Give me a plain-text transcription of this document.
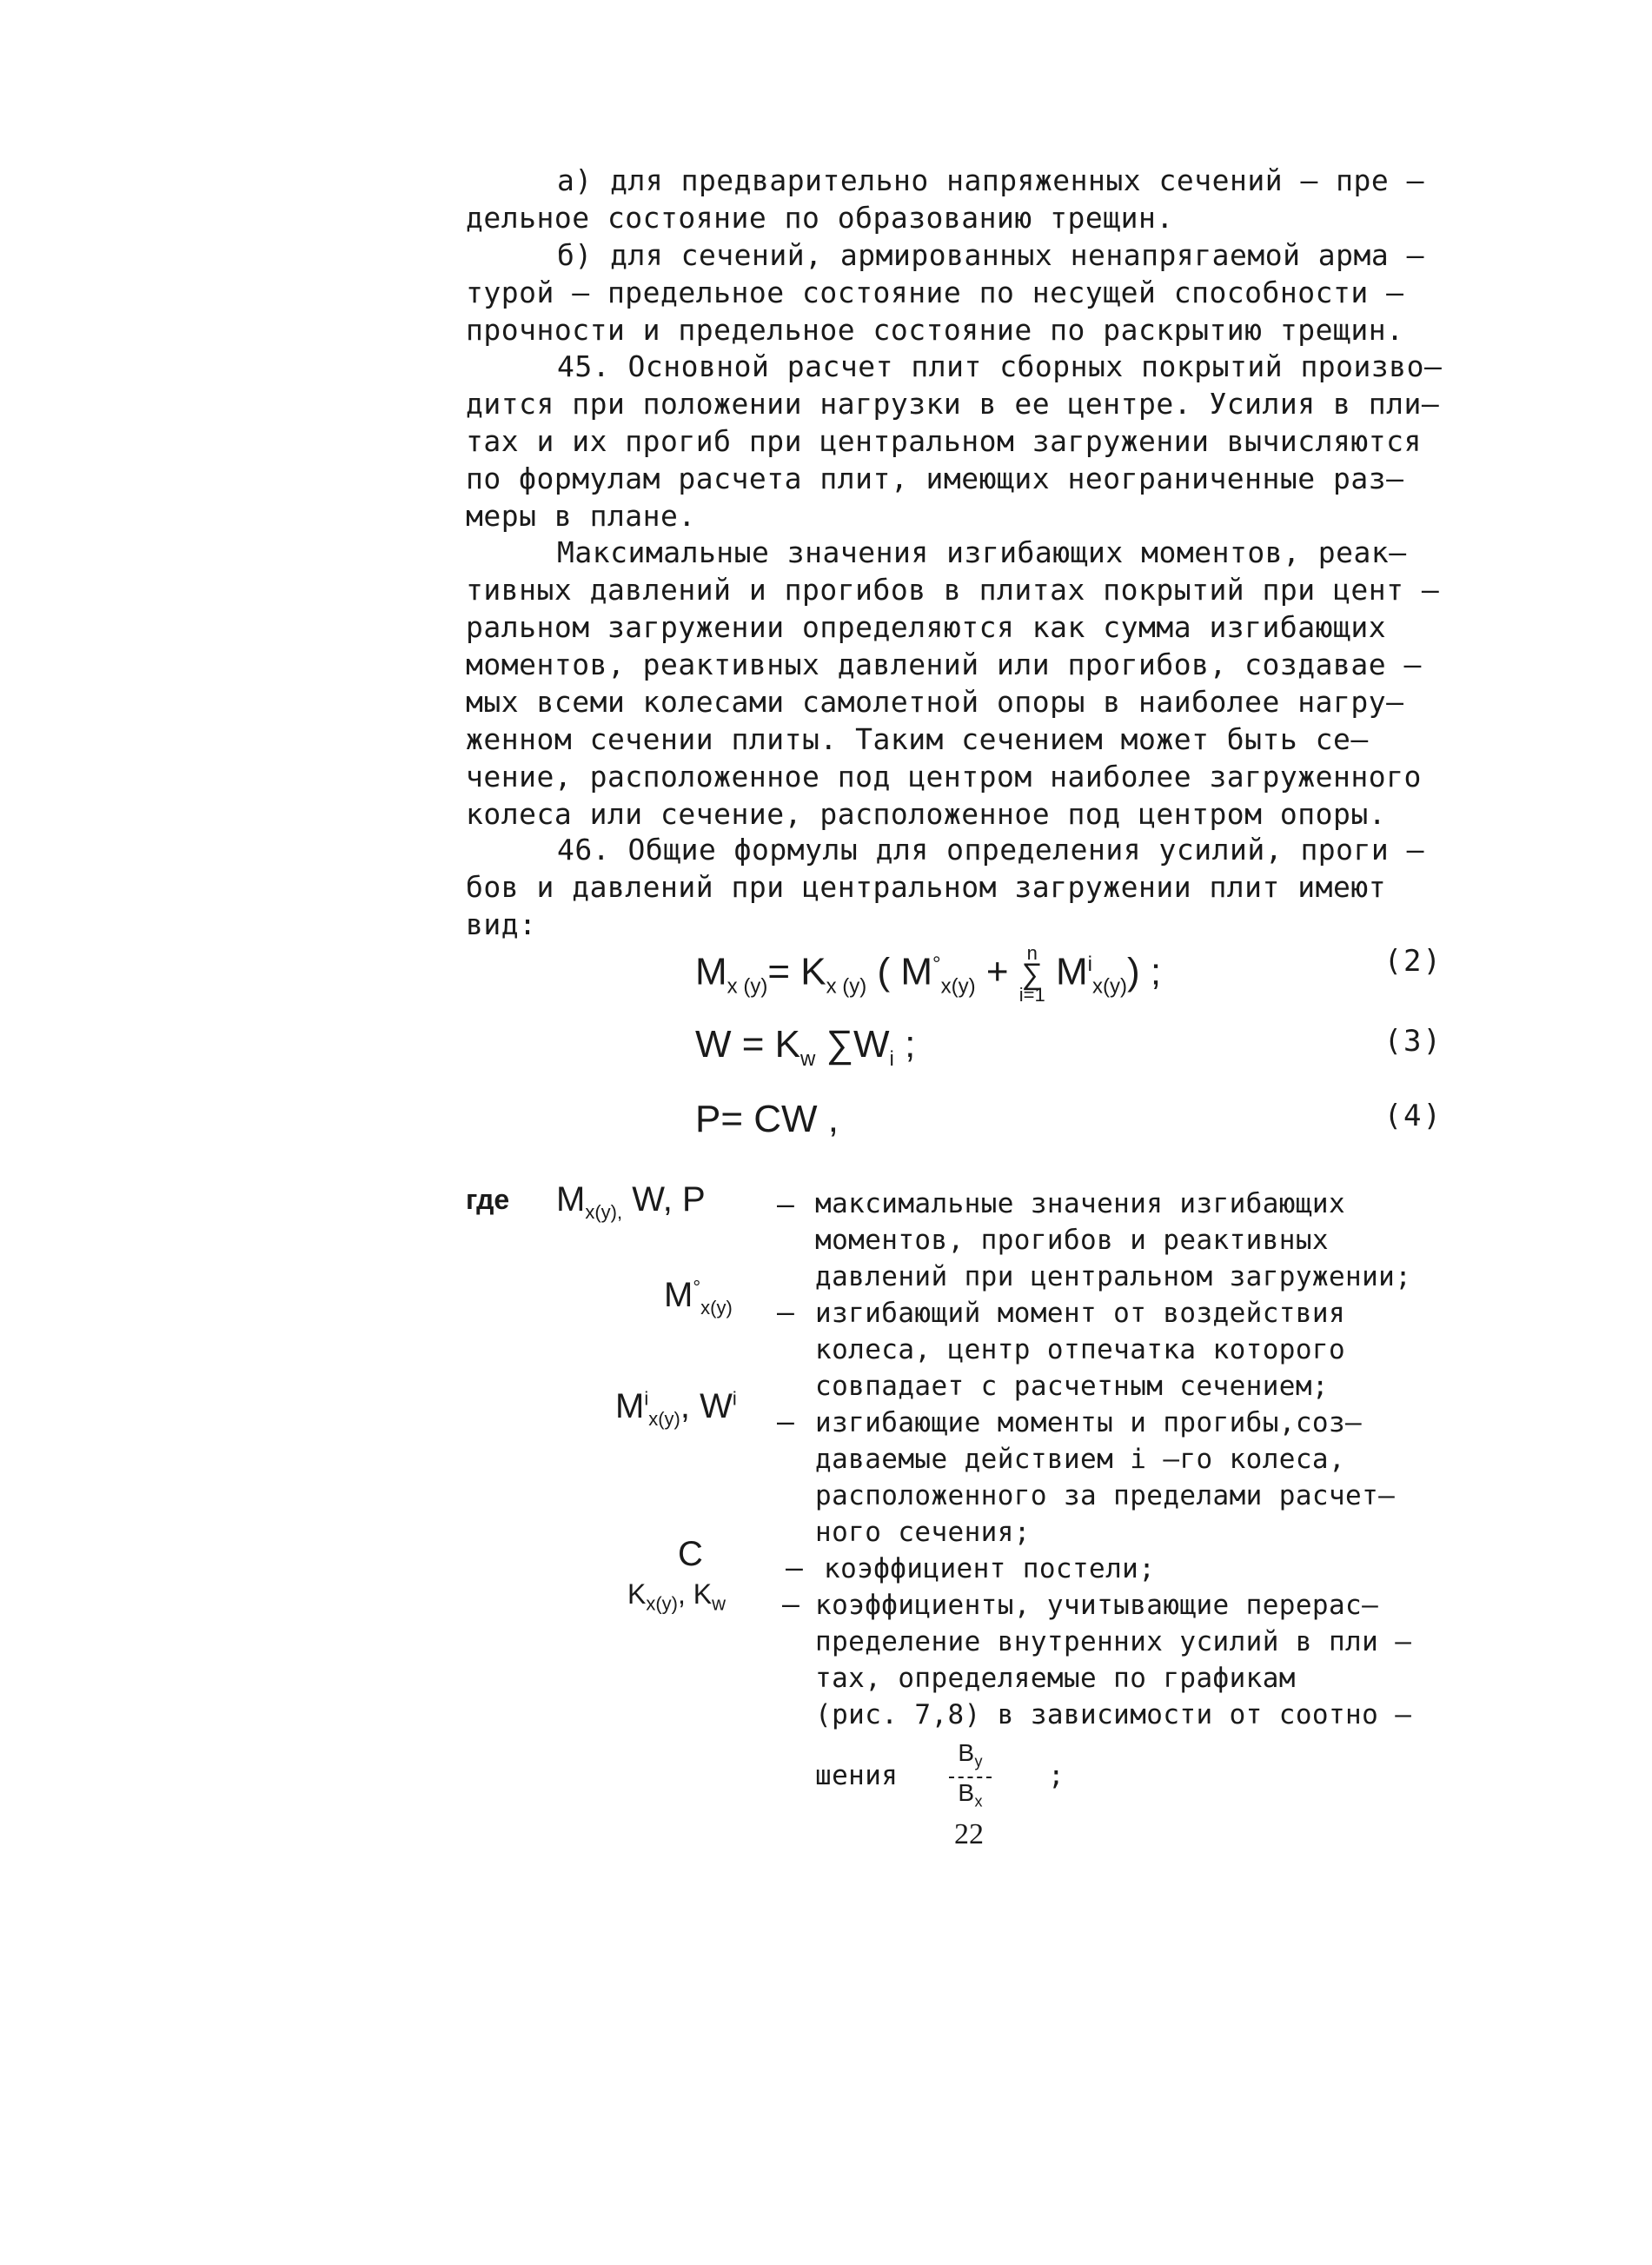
а) для предварительно напряженных сечений – пре –
дельное состояние по образованию трещин.

б) для сечений, армированных ненапрягаемой арма –
турой – предельное состояние по несущей способности —
прочности и предельное состояние по раскрытию трещин.

45. Основной расчет плит сборных покрытий произво–
дится при положении нагрузки в ее центре. Усилия в пли–
тах и их прогиб при центральном загружении вычисляются
по формулам расчета плит, имеющих неограниченные раз–
меры в плане.

Максимальные значения изгибающих моментов, реак–
тивных давлений и прогибов в плитах покрытий при цент –
ральном загружении определяются как сумма изгибающих
моментов, реактивных давлений или прогибов, создавае –
мых всеми колесами самолетной опоры в наиболее нагру–
женном сечении плиты. Таким сечением может быть се–
чение, расположенное под центром наиболее загруженного
колеса или сечение, расположенное под центром опоры.

46. Общие формулы для определения усилий, проги –
бов и давлений при центральном загружении плит имеют
вид:

$M_{x (y)}= K_{x (y)}$ ( $M^\circ_{x(y)} + n$
∑
i=1
$M^i_{x(y)}$) ;	(2)
$W = K_w$ $\sum W_i$ ;	(3)
P= CW ,	(4)
где $M_{x(y),}$ W, P – максимальные значения изгибающих
моментов, прогибов и реактивных
давлений при центральном загружении;
$M^\circ_{x(y)}$ – изгибающий момент от воздействия
колеса, центр отпечатка которого
совпадает с расчетным сечением;
$M^i_{x(y)}$, $W^i$
– изгибающие моменты и прогибы,соз–
даваемые действием i –го колеса,
расположенного за пределами расчет–
ного сечения;
C	– коэффициент постели;
$K_{x(y)}$, $K_w$ – коэффициенты, учитывающие перерас–
пределение внутренних усилий в пли –
тах, определяемые по графикам
(рис. 7,8) в зависимости от соотно –
шения $\frac{B_y}{B_x}$ ;
22
